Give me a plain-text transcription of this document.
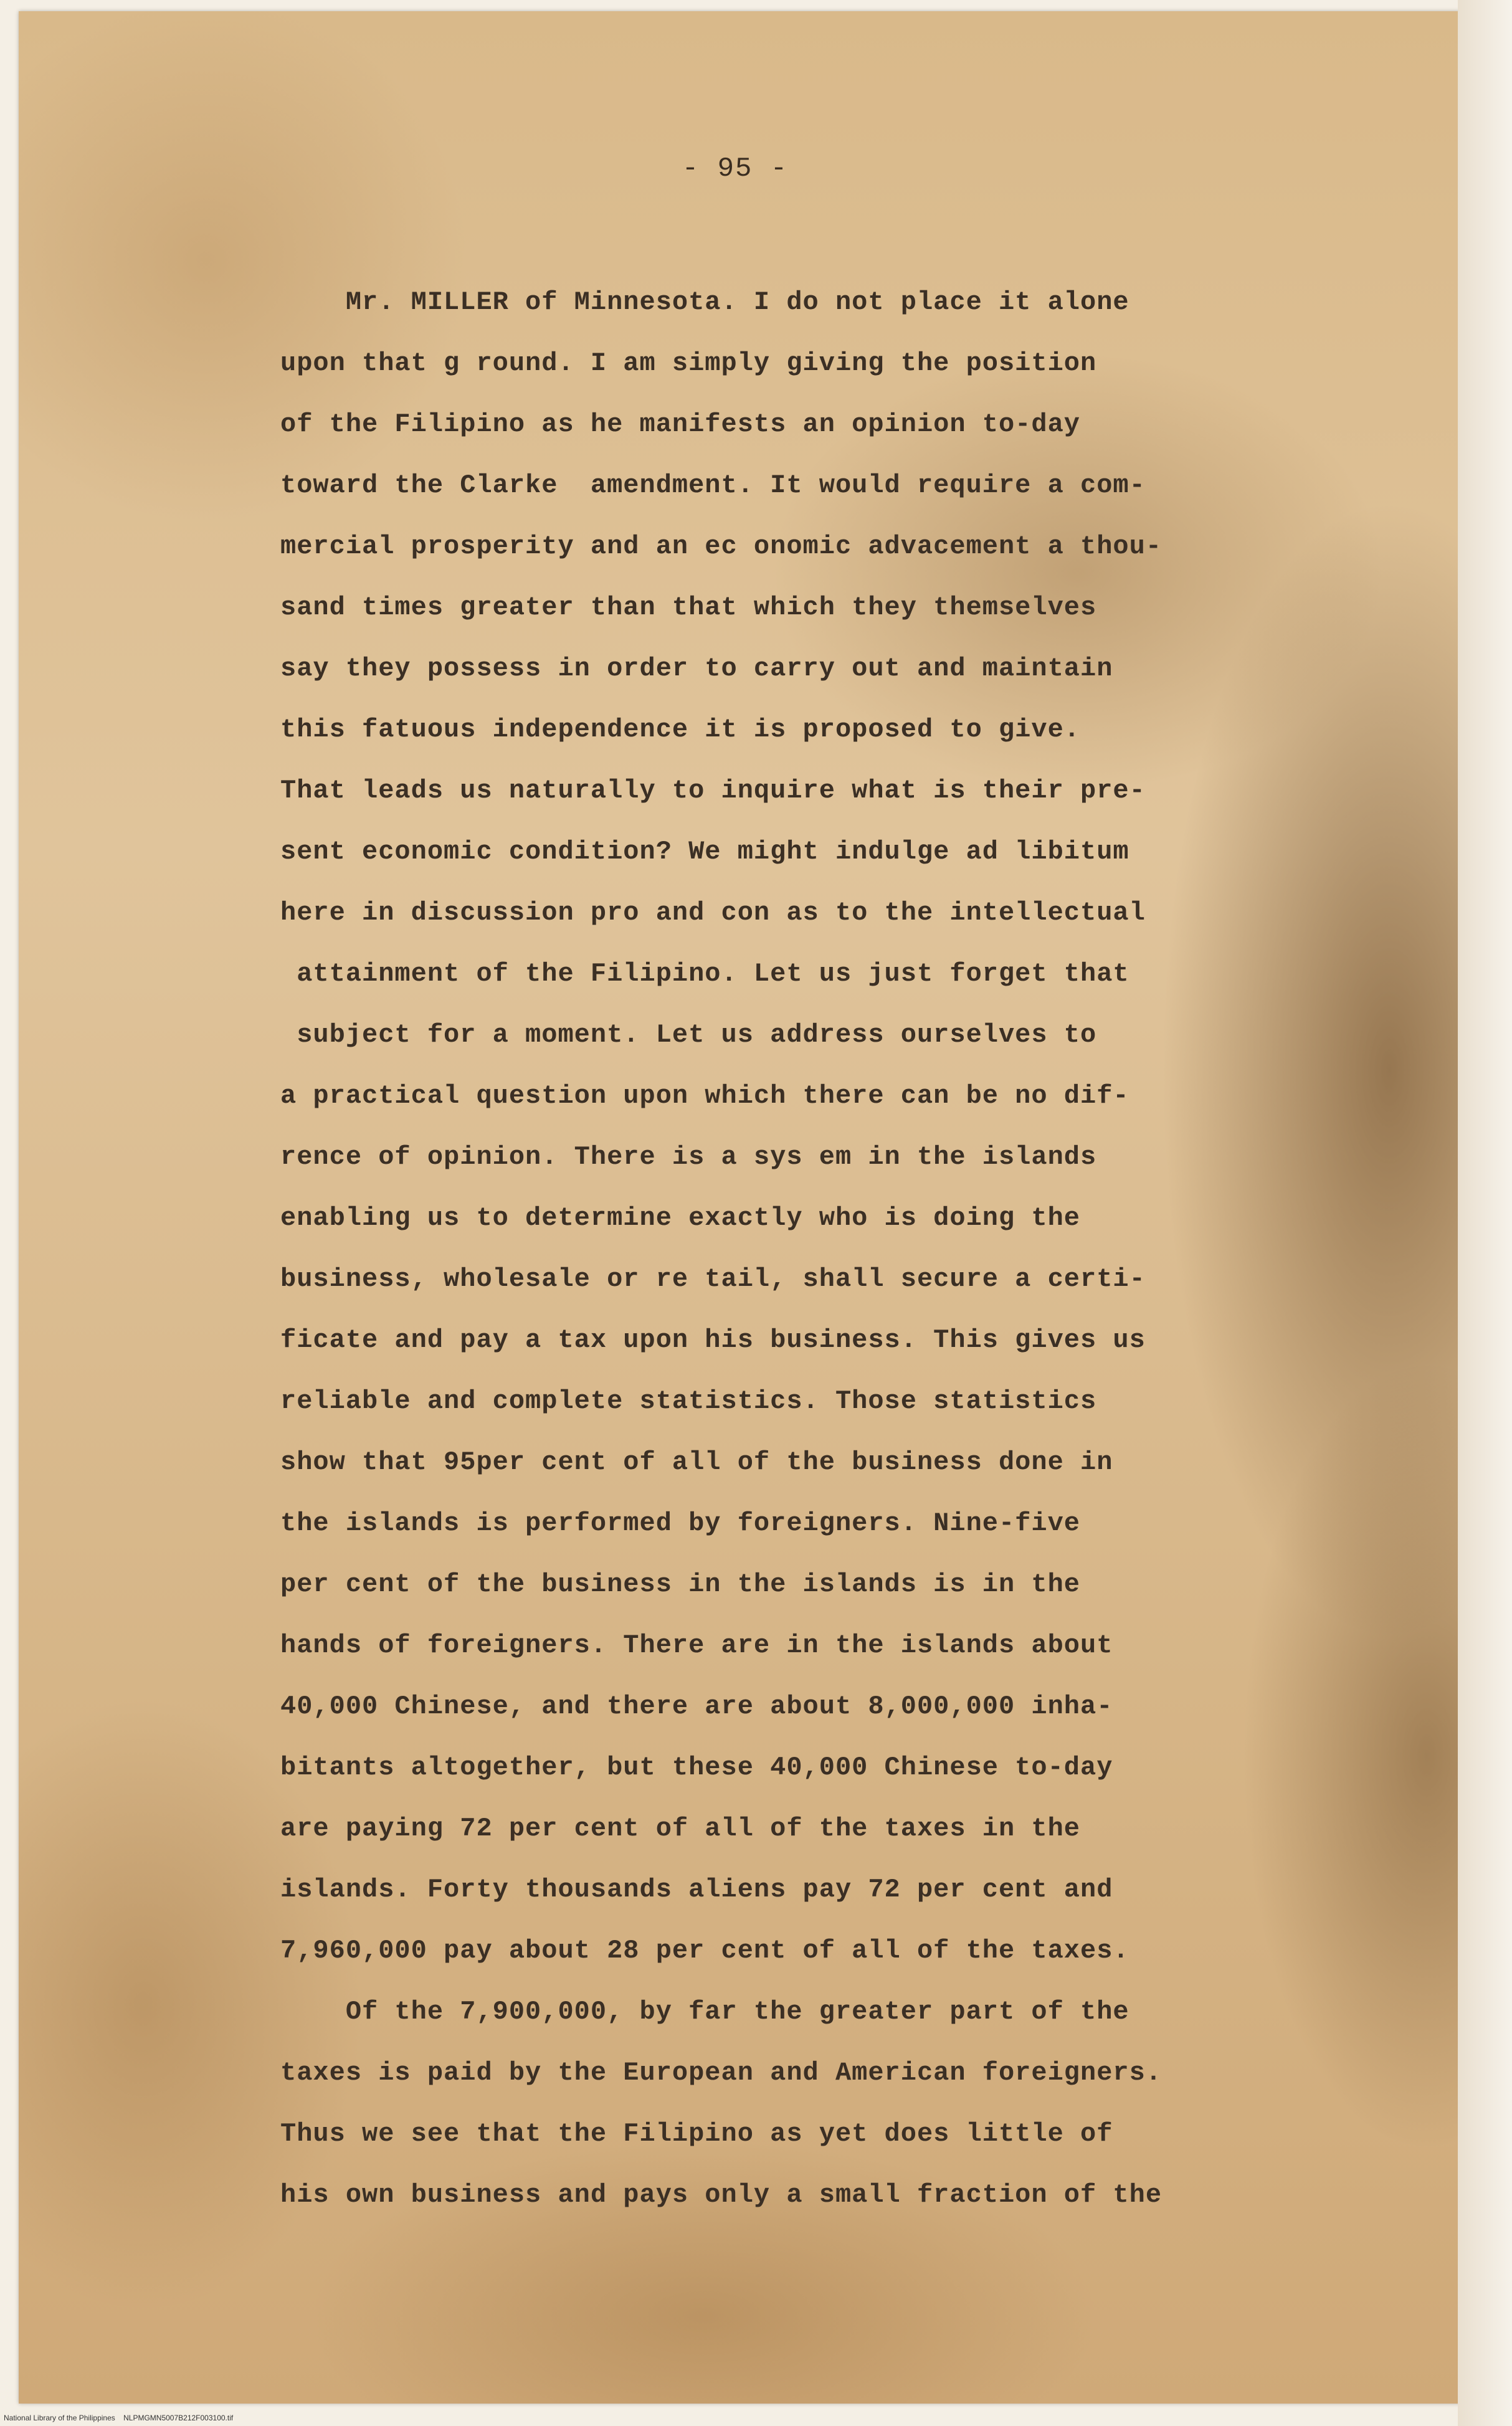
- 95 -
Mr. MILLER of Minnesota. I do not place it alone
upon that g round. I am simply giving the position
of the Filipino as he manifests an opinion to-day
toward the Clarke  amendment. It would require a com-
mercial prosperity and an ec onomic advacement a thou-
sand times greater than that which they themselves
say they possess in order to carry out and maintain
this fatuous independence it is proposed to give.
That leads us naturally to inquire what is their pre-
sent economic condition? We might indulge ad libitum
here in discussion pro and con as to the intellectual
attainment of the Filipino. Let us just forget that
subject for a moment. Let us address ourselves to
a practical question upon which there can be no dif-
rence of opinion. There is a sys em in the islands
enabling us to determine exactly who is doing the
business, wholesale or re tail, shall secure a certi-
ficate and pay a tax upon his business. This gives us
reliable and complete statistics. Those statistics
show that 95per cent of all of the business done in
the islands is performed by foreigners. Nine-five
per cent of the business in the islands is in the
hands of foreigners. There are in the islands about
40,000 Chinese, and there are about 8,000,000 inha-
bitants altogether, but these 40,000 Chinese to-day
are paying 72 per cent of all of the taxes in the
islands. Forty thousands aliens pay 72 per cent and
7,960,000 pay about 28 per cent of all of the taxes.
Of the 7,900,000, by far the greater part of the
taxes is paid by the European and American foreigners.
Thus we see that the Filipino as yet does little of
his own business and pays only a small fraction of the
National Library of the Philippines    NLPMGMN5007B212F003100.tif
